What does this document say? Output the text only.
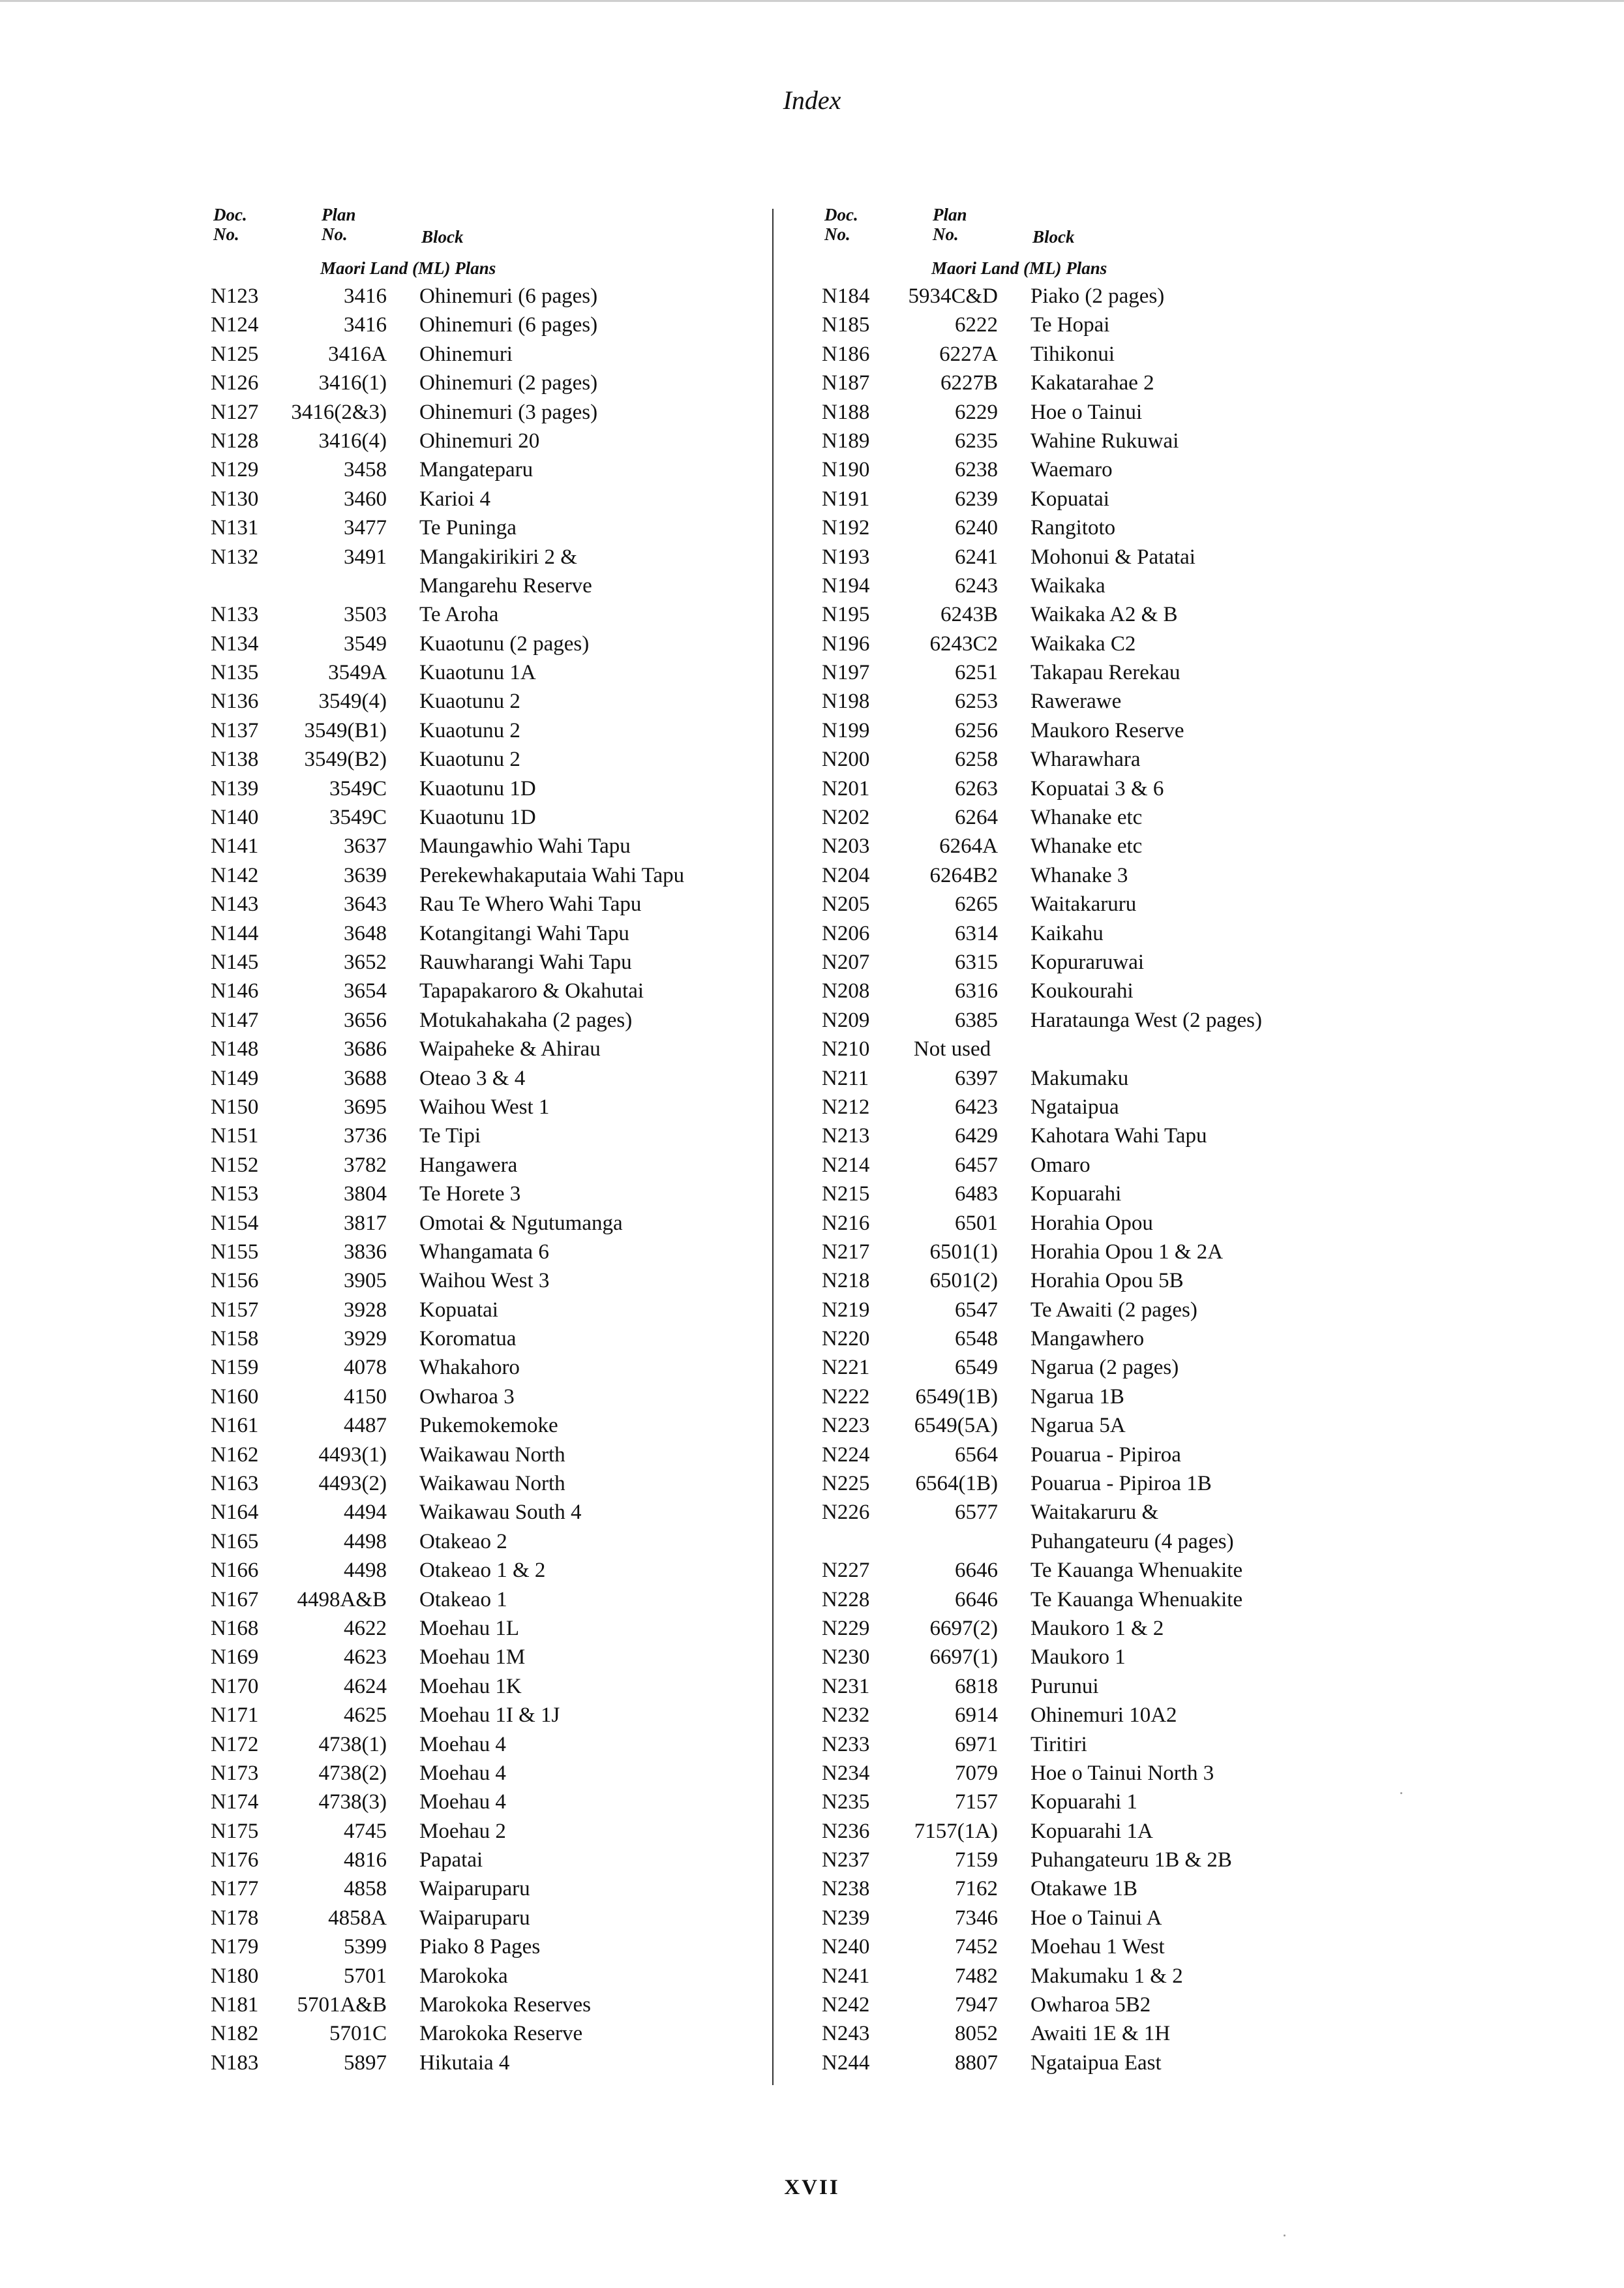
Index
Doc.
No.
Plan
No.	Block
Maori Land (ML) Plans
N123	3416 Ohinemuri (6 pages)
N124	3416 Ohinemuri (6 pages)
N125	3416A Ohinemuri
N126	3416(1) Ohinemuri (2 pages)
N127	3416(2&3) Ohinemuri (3 pages)
N128	3416(4) Ohinemuri 20
N129	3458 Mangateparu
N130	3460 Karioi 4
N131	3477 Te Puninga
N132	3491 Mangakirikiri 2 &
Mangarehu Reserve
N133	3503 Te Aroha
N134	3549 Kuaotunu (2 pages)
N135	3549A Kuaotunu 1A
N136	3549(4) Kuaotunu 2
N137	3549(B1) Kuaotunu 2
N138	3549(B2) Kuaotunu 2
N139	3549C Kuaotunu 1D
N140	3549C Kuaotunu 1D
N141	3637 Maungawhio Wahi Tapu
N142	3639 Perekewhakaputaia Wahi Tapu
N143	3643 Rau Te Whero Wahi Tapu
N144	3648 Kotangitangi Wahi Tapu
N145	3652 Rauwharangi Wahi Tapu
N146	3654 Tapapakaroro & Okahutai
N147	3656 Motukahakaha (2 pages)
N148	3686 Waipaheke & Ahirau
N149	3688 Oteao 3 & 4
N150	3695 Waihou West 1
N151	3736 Te Tipi
N152	3782 Hangawera
N153	3804 Te Horete 3
N154	3817 Omotai & Ngutumanga
N155	3836 Whangamata 6
N156	3905 Waihou West 3
N157	3928 Kopuatai
N158	3929 Koromatua
N159	4078 Whakahoro
N160	4150 Owharoa 3
N161	4487 Pukemokemoke
N162	4493(1) Waikawau North
N163	4493(2) Waikawau North
N164	4494 Waikawau South 4
N165	4498 Otakeao 2
N166	4498 Otakeao 1 & 2
N167	4498A&B Otakeao 1
N168	4622 Moehau 1L
N169	4623 Moehau 1M
N170	4624 Moehau 1K
N171	4625 Moehau 1I & 1J
N172	4738(1) Moehau 4
N173	4738(2) Moehau 4
N174	4738(3) Moehau 4
N175	4745 Moehau 2
N176	4816 Papatai
N177	4858 Waiparuparu
N178	4858A Waiparuparu
N179	5399 Piako 8 Pages
N180	5701 Marokoka
N181	5701A&B Marokoka Reserves
N182	5701C Marokoka Reserve
N183	5897 Hikutaia 4
Doc.
No.
Plan
No.	Block
Maori Land (ML) Plans
N184	5934C&D Piako (2 pages)
N185	6222 Te Hopai
N186	6227A Tihikonui
N187	6227B Kakatarahae 2
N188	6229 Hoe o Tainui
N189	6235 Wahine Rukuwai
N190	6238 Waemaro
N191	6239 Kopuatai
N192	6240 Rangitoto
N193	6241 Mohonui & Patatai
N194	6243 Waikaka
N195	6243B Waikaka A2 & B
N196	6243C2 Waikaka C2
N197	6251 Takapau Rerekau
N198	6253 Rawerawe
N199	6256 Maukoro Reserve
N200	6258 Wharawhara
N201	6263 Kopuatai 3 & 6
N202	6264 Whanake etc
N203	6264A Whanake etc
N204	6264B2 Whanake 3
N205	6265 Waitakaruru
N206	6314 Kaikahu
N207	6315 Kopuraruwai
N208	6316 Koukourahi
N209	6385 Harataunga West (2 pages)
N210	Not used
N211	6397 Makumaku
N212	6423 Ngataipua
N213	6429 Kahotara Wahi Tapu
N214	6457 Omaro
N215	6483 Kopuarahi
N216	6501 Horahia Opou
N217	6501(1) Horahia Opou 1 & 2A
N218	6501(2) Horahia Opou 5B
N219	6547 Te Awaiti (2 pages)
N220	6548 Mangawhero
N221	6549 Ngarua (2 pages)
N222	6549(1B) Ngarua 1B
N223	6549(5A) Ngarua 5A
N224	6564 Pouarua - Pipiroa
N225	6564(1B) Pouarua - Pipiroa 1B
N226	6577 Waitakaruru &
Puhangateuru (4 pages)
N227	6646 Te Kauanga Whenuakite
N228	6646 Te Kauanga Whenuakite
N229	6697(2) Maukoro 1 & 2
N230	6697(1) Maukoro 1
N231	6818 Purunui
N232	6914 Ohinemuri 10A2
N233	6971 Tiritiri
N234	7079 Hoe o Tainui North 3
N235	7157 Kopuarahi 1
N236	7157(1A) Kopuarahi 1A
N237	7159 Puhangateuru 1B & 2B
N238	7162 Otakawe 1B
N239	7346 Hoe o Tainui A
N240	7452 Moehau 1 West
N241	7482 Makumaku 1 & 2
N242	7947 Owharoa 5B2
N243	8052 Awaiti 1E & 1H
N244	8807 Ngataipua East
XVII
